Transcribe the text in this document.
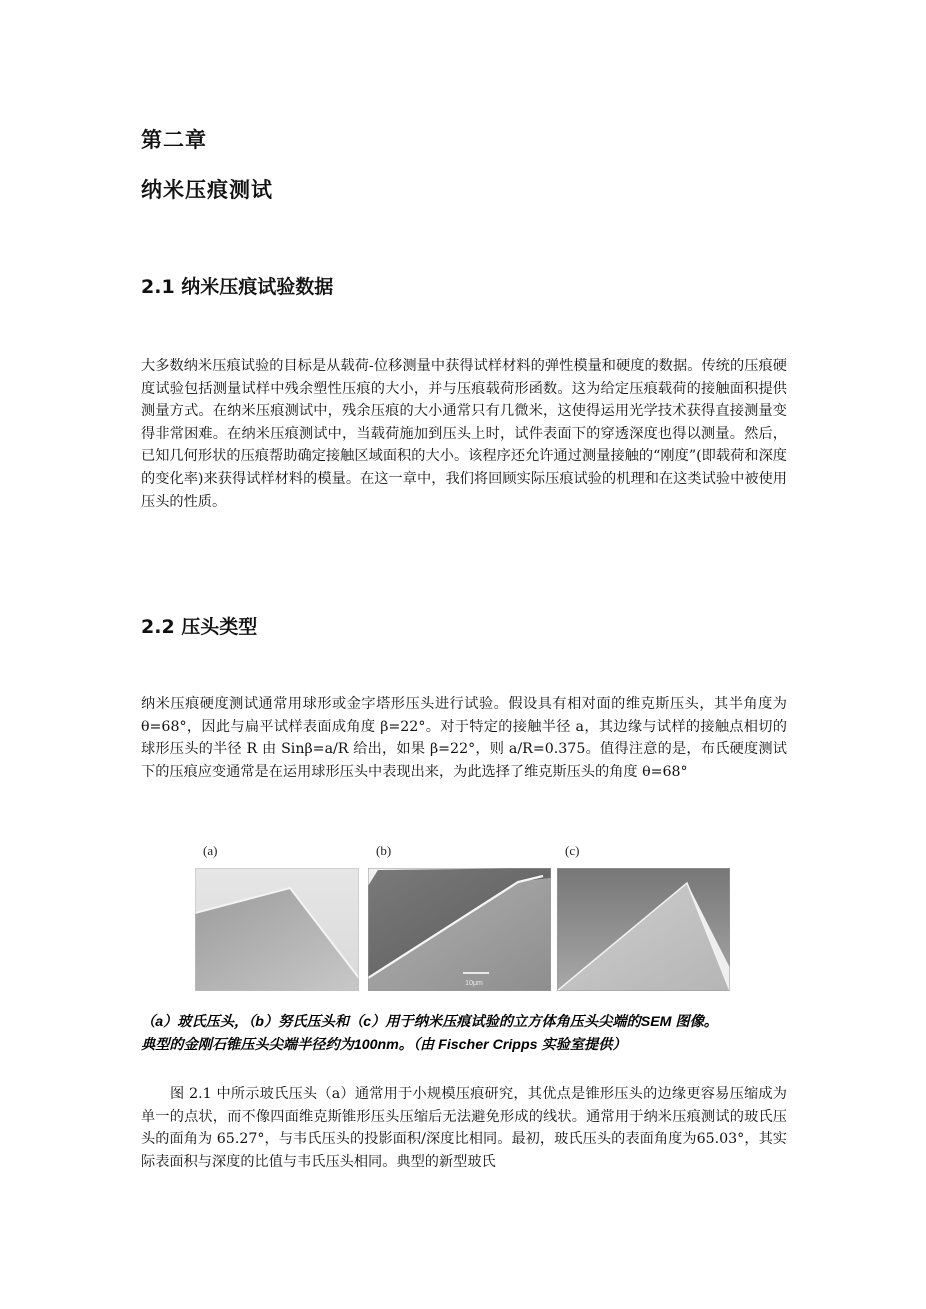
第二章
纳米压痕测试
2.1 纳米压痕试验数据

大多数纳米压痕试验的目标是从载荷-位移测量中获得试样材料的弹性模量和硬度的数据。传统的压痕硬度试验包括测量试样中残余塑性压痕的大小，并与压痕载荷形函数。这为给定压痕载荷的接触面积提供测量方式。在纳米压痕测试中，残余压痕的大小通常只有几微米，这使得运用光学技术获得直接测量变得非常困难。在纳米压痕测试中，当载荷施加到压头上时，试件表面下的穿透深度也得以测量。然后，已知几何形状的压痕帮助确定接触区域面积的大小。该程序还允许通过测量接触的“刚度”(即载荷和深度的变化率)来获得试样材料的模量。在这一章中，我们将回顾实际压痕试验的机理和在这类试验中被使用压头的性质。

2.2 压头类型

纳米压痕硬度测试通常用球形或金字塔形压头进行试验。假设具有相对面的维克斯压头，其半角度为 θ=68°，因此与扁平试样表面成角度 β=22°。对于特定的接触半径 a，其边缘与试样的接触点相切的球形压头的半径 R 由 Sinβ=a/R 给出，如果 β=22°，则 a/R=0.375。值得注意的是，布氏硬度测试下的压痕应变通常是在运用球形压头中表现出来，为此选择了维克斯压头的角度 θ=68°

(a)	(b)
10μm
(c)
（a）玻氏压头，（b）努氏压头和（c）用于纳米压痕试验的立方体角压头尖端的SEM 图像。
典型的金刚石锥压头尖端半径约为100nm。（由 Fischer Cripps 实验室提供）

图 2.1 中所示玻氏压头（a）通常用于小规模压痕研究，其优点是锥形压头的边缘更容易压缩成为单一的点状，而不像四面维克斯锥形压头压缩后无法避免形成的线状。通常用于纳米压痕测试的玻氏压头的面角为 65.27°，与韦氏压头的投影面积/深度比相同。最初，玻氏压头的表面角度为65.03°，其实际表面积与深度的比值与韦氏压头相同。典型的新型玻氏
